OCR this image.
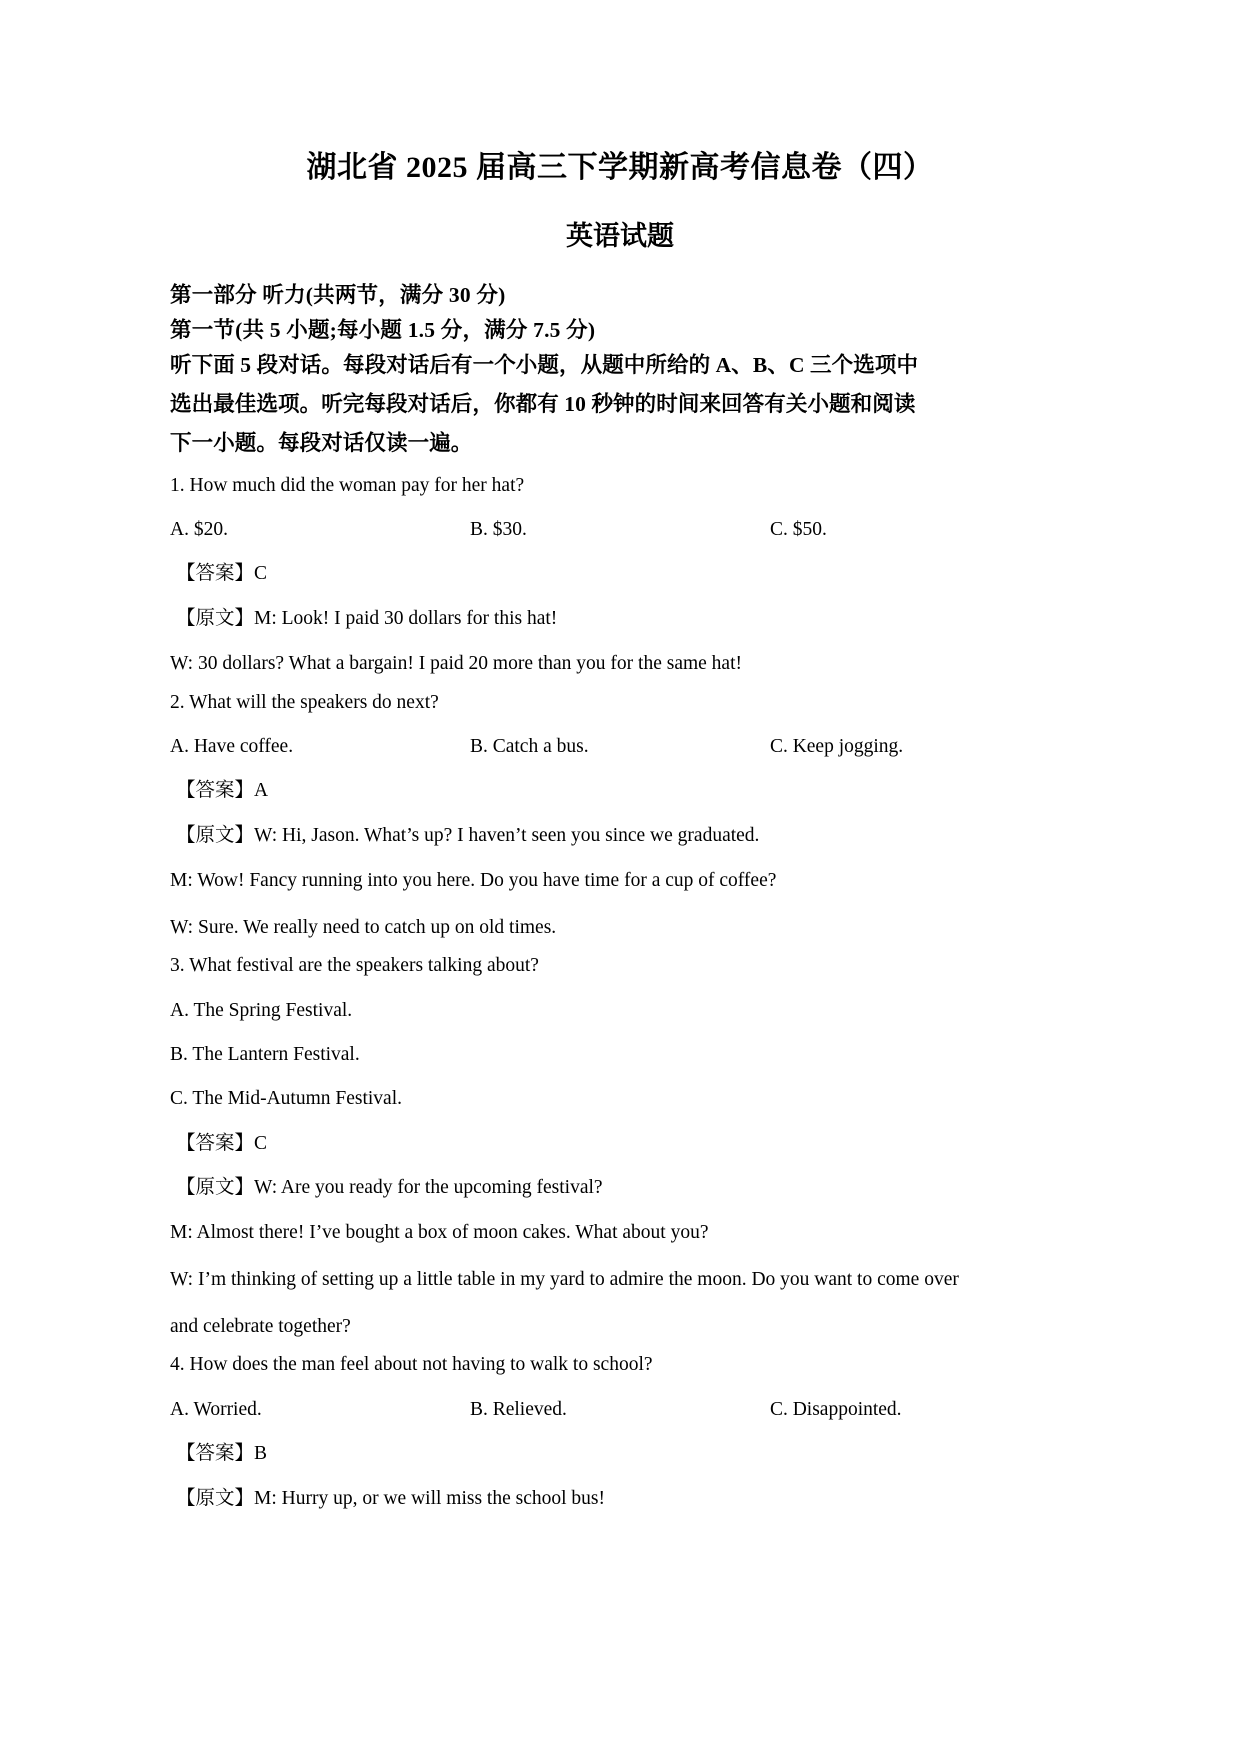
湖北省 2025 届高三下学期新高考信息卷（四）
英语试题

第一部分 听力(共两节，满分 30 分)

第一节(共 5 小题;每小题 1.5 分，满分 7.5 分)

听下面 5 段对话。每段对话后有一个小题，从题中所给的 A、B、C 三个选项中

选出最佳选项。听完每段对话后，你都有 10 秒钟的时间来回答有关小题和阅读

下一小题。每段对话仅读一遍。

1. How much did the woman pay for her hat?

A. $20.	B. $30.	C. $50.

【答案】C

【原文】M: Look! I paid 30 dollars for this hat!

W: 30 dollars? What a bargain! I paid 20 more than you for the same hat!

2. What will the speakers do next?

A. Have coffee.	B. Catch a bus.	C. Keep jogging.

【答案】A

【原文】W: Hi, Jason. What’s up? I haven’t seen you since we graduated.

M: Wow! Fancy running into you here. Do you have time for a cup of coffee?

W: Sure. We really need to catch up on old times.

3. What festival are the speakers talking about?

A. The Spring Festival.

B. The Lantern Festival.

C. The Mid-Autumn Festival.

【答案】C

【原文】W: Are you ready for the upcoming festival?

M: Almost there! I’ve bought a box of moon cakes. What about you?

W: I’m thinking of setting up a little table in my yard to admire the moon. Do you want to come over

and celebrate together?

4. How does the man feel about not having to walk to school?

A. Worried.	B. Relieved.	C. Disappointed.

【答案】B

【原文】M: Hurry up, or we will miss the school bus!
